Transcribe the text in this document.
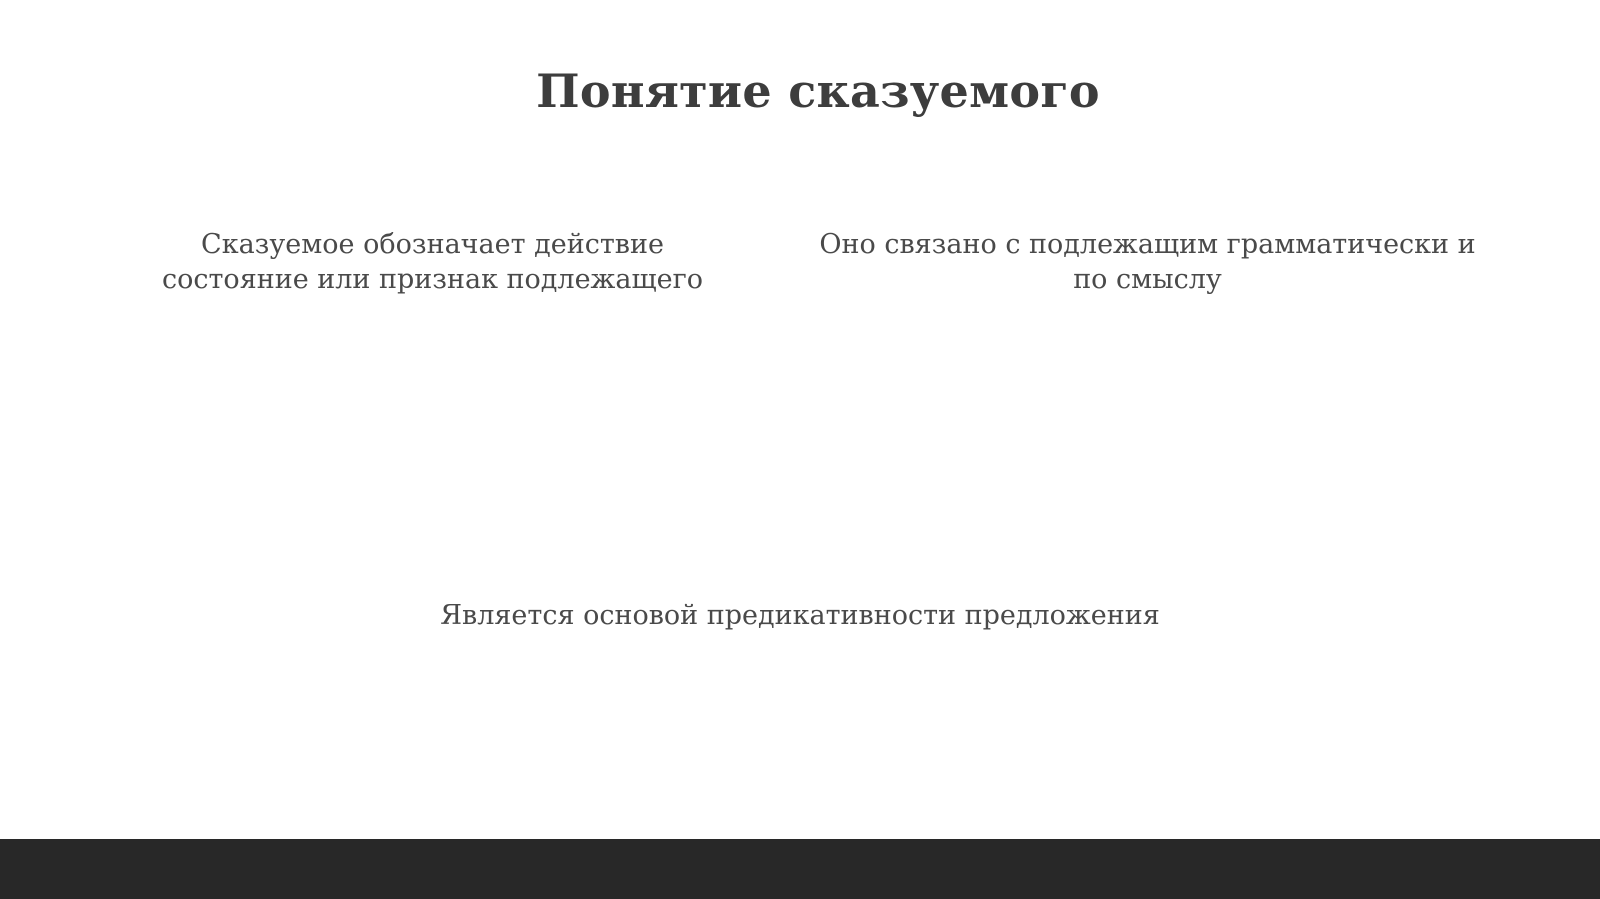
Понятие сказуемого
Сказуемое обозначает действие
состояние или признак подлежащего
Оно связано с подлежащим грамматически и
по смыслу
Является основой предикативности предложения
